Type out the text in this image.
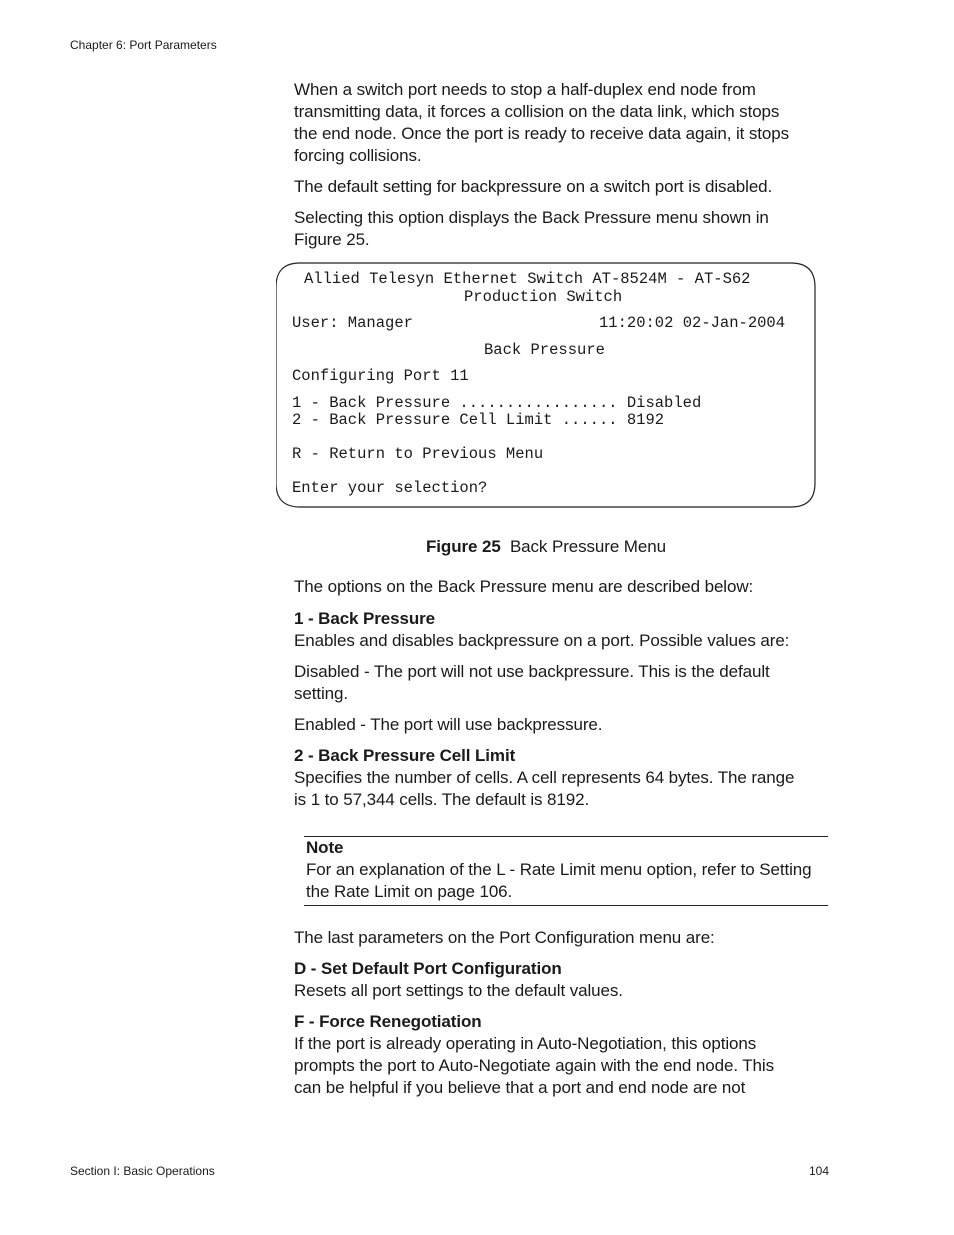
Chapter 6: Port Parameters
When a switch port needs to stop a half-duplex end node from
transmitting data, it forces a collision on the data link, which stops
the end node. Once the port is ready to receive data again, it stops
forcing collisions.
The default setting for backpressure on a switch port is disabled.
Selecting this option displays the Back Pressure menu shown in
Figure 25.
Allied Telesyn Ethernet Switch AT-8524M - AT-S62
Production Switch
User: Manager	11:20:02 02-Jan-2004
Back Pressure
Configuring Port 11
1 - Back Pressure ................. Disabled
2 - Back Pressure Cell Limit ...... 8192
R - Return to Previous Menu
Enter your selection?
Figure 25 Back Pressure Menu
The options on the Back Pressure menu are described below:
1 - Back Pressure
Enables and disables backpressure on a port. Possible values are:
Disabled - The port will not use backpressure. This is the default
setting.
Enabled - The port will use backpressure.
2 - Back Pressure Cell Limit
Specifies the number of cells. A cell represents 64 bytes. The range
is 1 to 57,344 cells. The default is 8192.
Note
For an explanation of the L - Rate Limit menu option, refer to Setting
the Rate Limit on page 106.
The last parameters on the Port Configuration menu are:
D - Set Default Port Configuration
Resets all port settings to the default values.
F - Force Renegotiation
If the port is already operating in Auto-Negotiation, this options
prompts the port to Auto-Negotiate again with the end node. This
can be helpful if you believe that a port and end node are not
Section I: Basic Operations	104
